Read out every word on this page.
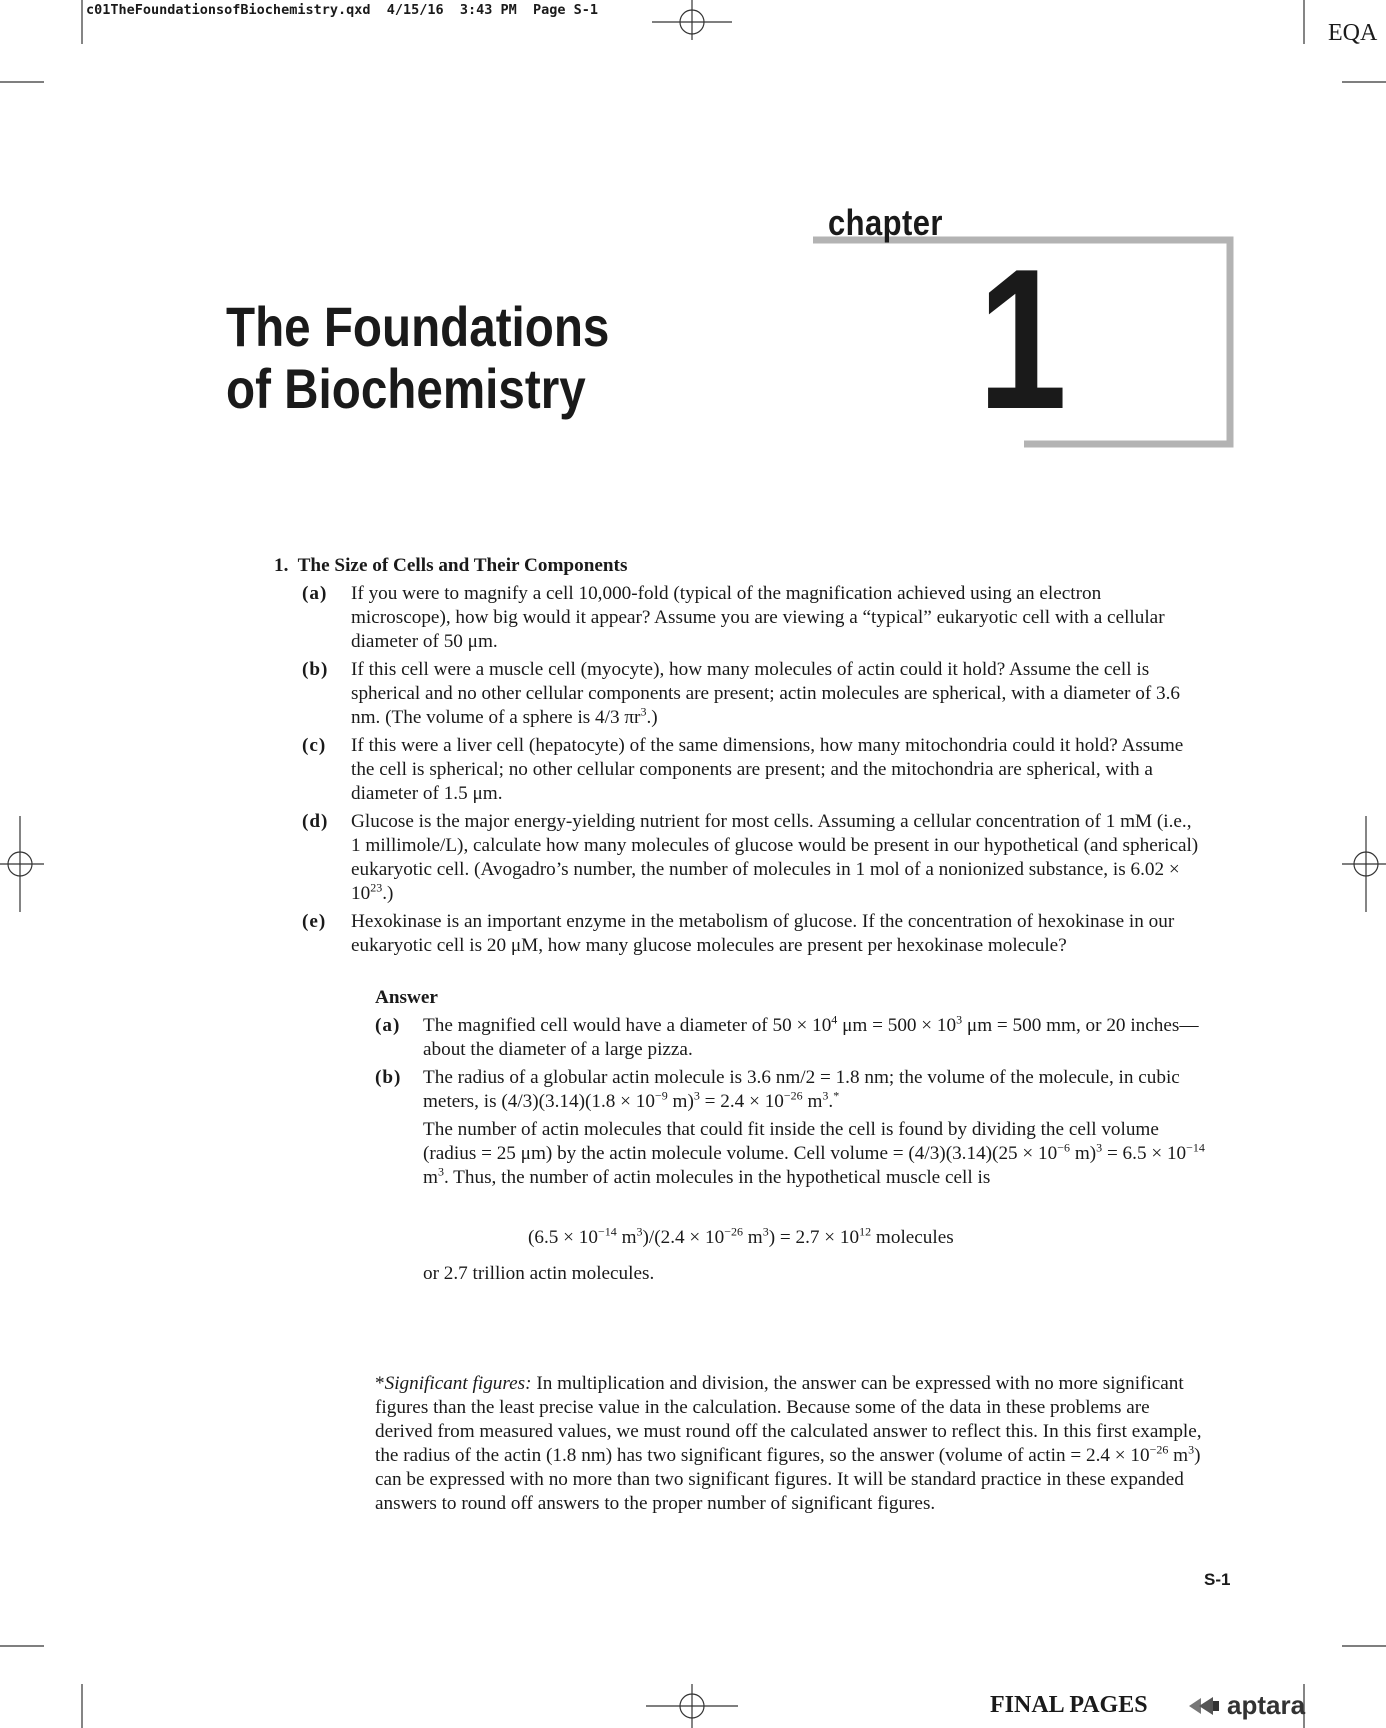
c01TheFoundationsofBiochemistry.qxd  4/15/16  3:43 PM  Page S-1
EQA
chapter
1
The Foundations
of Biochemistry
1.  The Size of Cells and Their Components
(a) If you were to magnify a cell 10,000-fold (typical of the magnification achieved using an electron microscope), how big would it appear? Assume you are viewing a “typical” eukaryotic cell with a cellular diameter of 50 μm.
(b) If this cell were a muscle cell (myocyte), how many molecules of actin could it hold? Assume the cell is spherical and no other cellular components are present; actin molecules are spherical, with a diameter of 3.6 nm. (The volume of a sphere is 4/3 $\pi r^3$.)
(c) If this were a liver cell (hepatocyte) of the same dimensions, how many mitochondria could it hold? Assume the cell is spherical; no other cellular components are present; and the mitochondria are spherical, with a diameter of 1.5 μm.
(d) Glucose is the major energy-yielding nutrient for most cells. Assuming a cellular concentration of 1 mM (i.e., 1 millimole/L), calculate how many molecules of glucose would be present in our hypothetical (and spherical) eukaryotic cell. (Avogadro’s number, the number of molecules in 1 mol of a nonionized substance, is $6.02 \times 10^{23}$.)
(e) Hexokinase is an important enzyme in the metabolism of glucose. If the concentration of hexokinase in our eukaryotic cell is 20 μM, how many glucose molecules are present per hexokinase molecule?
Answer
(a) The magnified cell would have a diameter of $50 \times 10^4$ $\mu m = 500 \times 10^3$ μm = 500 mm, or 20 inches—about the diameter of a large pizza.
(b) The radius of a globular actin molecule is 3.6 nm/2 = 1.8 nm; the volume of the molecule, in cubic meters, is $(4/3)(3.14)(1.8 \times 10^{-9}$ $m)^3 = 2.4 \times 10^{-26}$ $m^3.^*$
The number of actin molecules that could fit inside the cell is found by dividing the cell volume (radius = 25 μm) by the actin molecule volume. Cell volume = $(4/3)(3.14)(25 \times 10^{-6}$ $m)^3 = 6.5 \times 10^{-14}$ $m^3$. Thus, the number of actin molecules in the hypothetical muscle cell is
($6.5 \times 10^{-14}$ $m^3)/(2.4 \times 10^{-26}$ $m^3) = 2.7 \times 10^{12}$ molecules
or 2.7 trillion actin molecules.
*Significant figures: In multiplication and division, the answer can be expressed with no more significant figures than the least precise value in the calculation. Because some of the data in these problems are derived from measured values, we must round off the calculated answer to reflect this. In this first example, the radius of the actin (1.8 nm) has two significant figures, so the answer (volume of actin = $2.4 \times 10^{-26}$ $m^3$) can be expressed with no more than two significant figures. It will be standard practice in these expanded answers to round off answers to the proper number of significant figures.
S-1
FINAL PAGES	aptara
